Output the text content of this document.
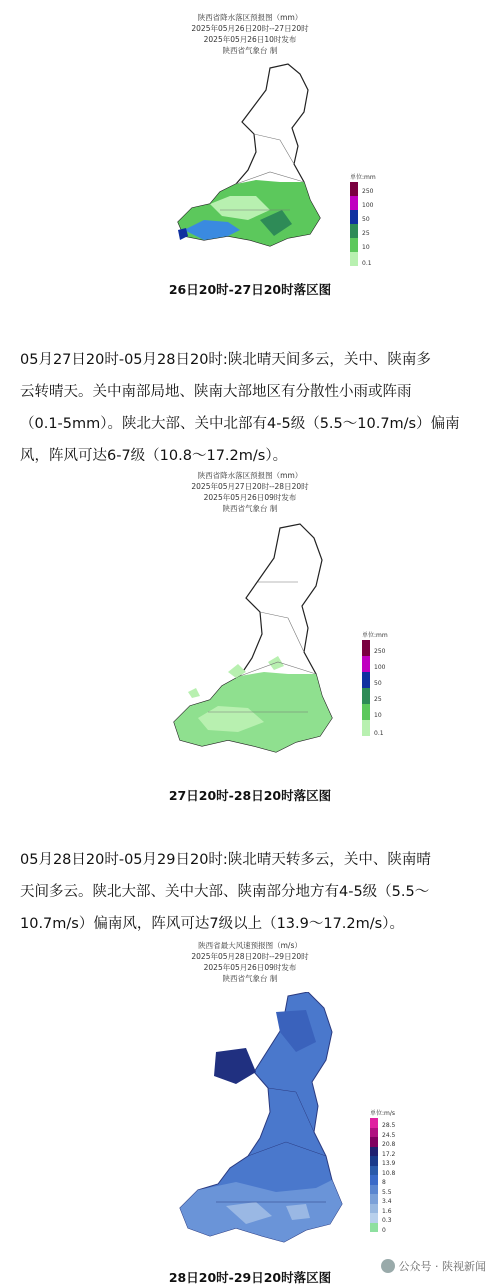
陕西省降水落区预报图（mm）
2025年05月26日20时--27日20时
2025年05月26日10时发布
陕西省气象台 制
单位:mm
250
100
50
25
10
0.1
26日20时-27日20时落区图
05月27日20时-05月28日20时:陕北晴天间多云，关中、陕南多
云转晴天。关中南部局地、陕南大部地区有分散性小雨或阵雨
（0.1-5mm）。陕北大部、关中北部有4-5级（5.5～10.7m/s）偏南
风，阵风可达6-7级（10.8～17.2m/s）。
陕西省降水落区预报图（mm）
2025年05月27日20时--28日20时
2025年05月26日09时发布
陕西省气象台 制
单位:mm
250
100
50
25
10
0.1
27日20时-28日20时落区图
05月28日20时-05月29日20时:陕北晴天转多云，关中、陕南晴
天间多云。陕北大部、关中大部、陕南部分地方有4-5级（5.5～
10.7m/s）偏南风，阵风可达7级以上（13.9～17.2m/s）。
陕西省最大风速预报图（m/s）
2025年05月28日20时--29日20时
2025年05月26日09时发布
陕西省气象台 制
单位:m/s
28.5
24.5
20.8
17.2
13.9
10.8
8
5.5
3.4
1.6
0.3
0
28日20时-29日20时落区图
公众号 · 陕视新闻
